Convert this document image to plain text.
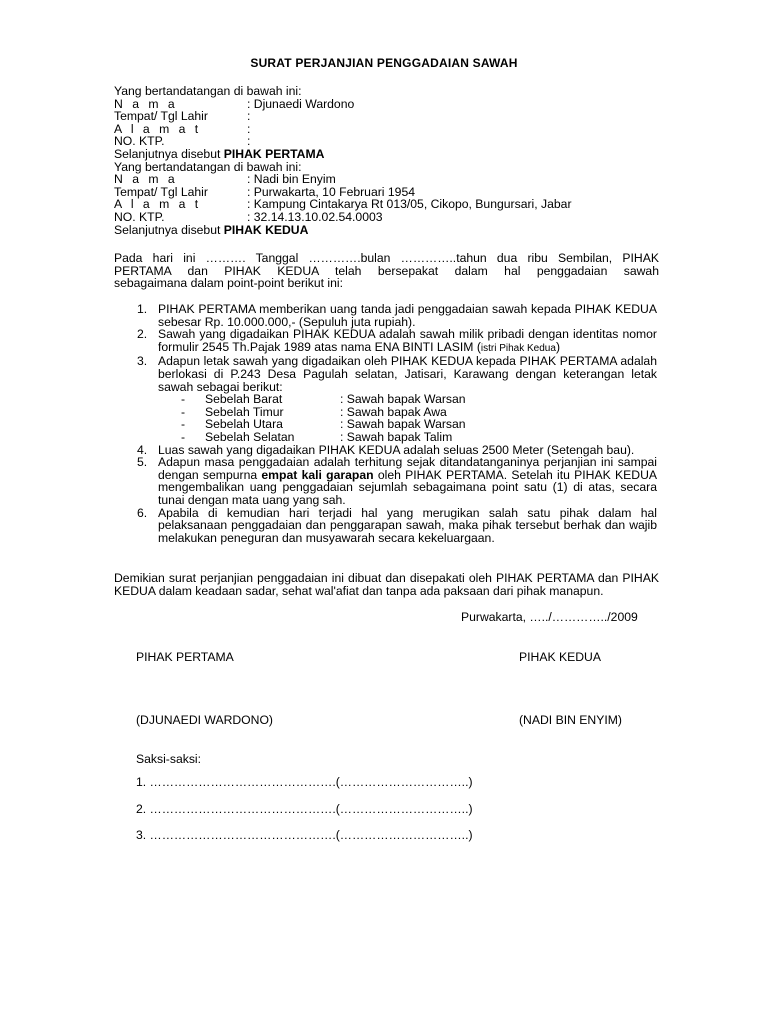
SURAT PERJANJIAN PENGGADAIAN SAWAH
Yang bertandatangan di bawah ini:
N a m a	: Djunaedi Wardono
Tempat/ Tgl Lahir	:
A l a m a t	:
NO. KTP.	:
Selanjutnya disebut PIHAK PERTAMA
Yang bertandatangan di bawah ini:
N a m a	: Nadi bin Enyim
Tempat/ Tgl Lahir	: Purwakarta, 10 Februari 1954
A l a m a t	: Kampung Cintakarya Rt 013/05, Cikopo, Bungursari, Jabar
NO. KTP.	: 32.14.13.10.02.54.0003
Selanjutnya disebut PIHAK KEDUA
Pada hari ini ………. Tanggal ………….bulan …………..tahun dua ribu Sembilan, PIHAK
PERTAMA dan PIHAK KEDUA telah bersepakat dalam hal penggadaian sawah
sebagaimana dalam point-point berikut ini:
1. PIHAK PERTAMA memberikan uang tanda jadi penggadaian sawah kepada PIHAK KEDUA sebesar Rp. 10.000.000,- (Sepuluh juta rupiah).
2. Sawah yang digadaikan PIHAK KEDUA adalah sawah milik pribadi dengan identitas nomor formulir 2545 Th.Pajak 1989 atas nama ENA BINTI LASIM (istri Pihak Kedua)
3. Adapun letak sawah yang digadaikan oleh PIHAK KEDUA kepada PIHAK PERTAMA adalah berlokasi di P.243 Desa Pagulah selatan, Jatisari, Karawang dengan keterangan letak sawah sebagai berikut:
- Sebelah Barat	: Sawah bapak Warsan
- Sebelah Timur	: Sawah bapak Awa
- Sebelah Utara	: Sawah bapak Warsan
- Sebelah Selatan	: Sawah bapak Talim
4. Luas sawah yang digadaikan PIHAK KEDUA adalah seluas 2500 Meter (Setengah bau).
5. Adapun masa penggadaian adalah terhitung sejak ditandatanganinya perjanjian ini sampai dengan sempurna empat kali garapan oleh PIHAK PERTAMA. Setelah itu PIHAK KEDUA mengembalikan uang penggadaian sejumlah sebagaimana point satu (1) di atas, secara tunai dengan mata uang yang sah.
6. Apabila di kemudian hari terjadi hal yang merugikan salah satu pihak dalam hal pelaksanaan penggadaian dan penggarapan sawah, maka pihak tersebut berhak dan wajib melakukan peneguran dan musyawarah secara kekeluargaan.
Demikian surat perjanjian penggadaian ini dibuat dan disepakati oleh PIHAK PERTAMA dan PIHAK KEDUA dalam keadaan sadar, sehat wal'afiat dan tanpa ada paksaan dari pihak manapun.
Purwakarta, …../…………../2009
PIHAK PERTAMA	PIHAK KEDUA
(DJUNAEDI WARDONO)	(NADI BIN ENYIM)
Saksi-saksi:
1. ……………………………………….(…………………………..)
2. ……………………………………….(…………………………..)
3. ……………………………………….(…………………………..)
